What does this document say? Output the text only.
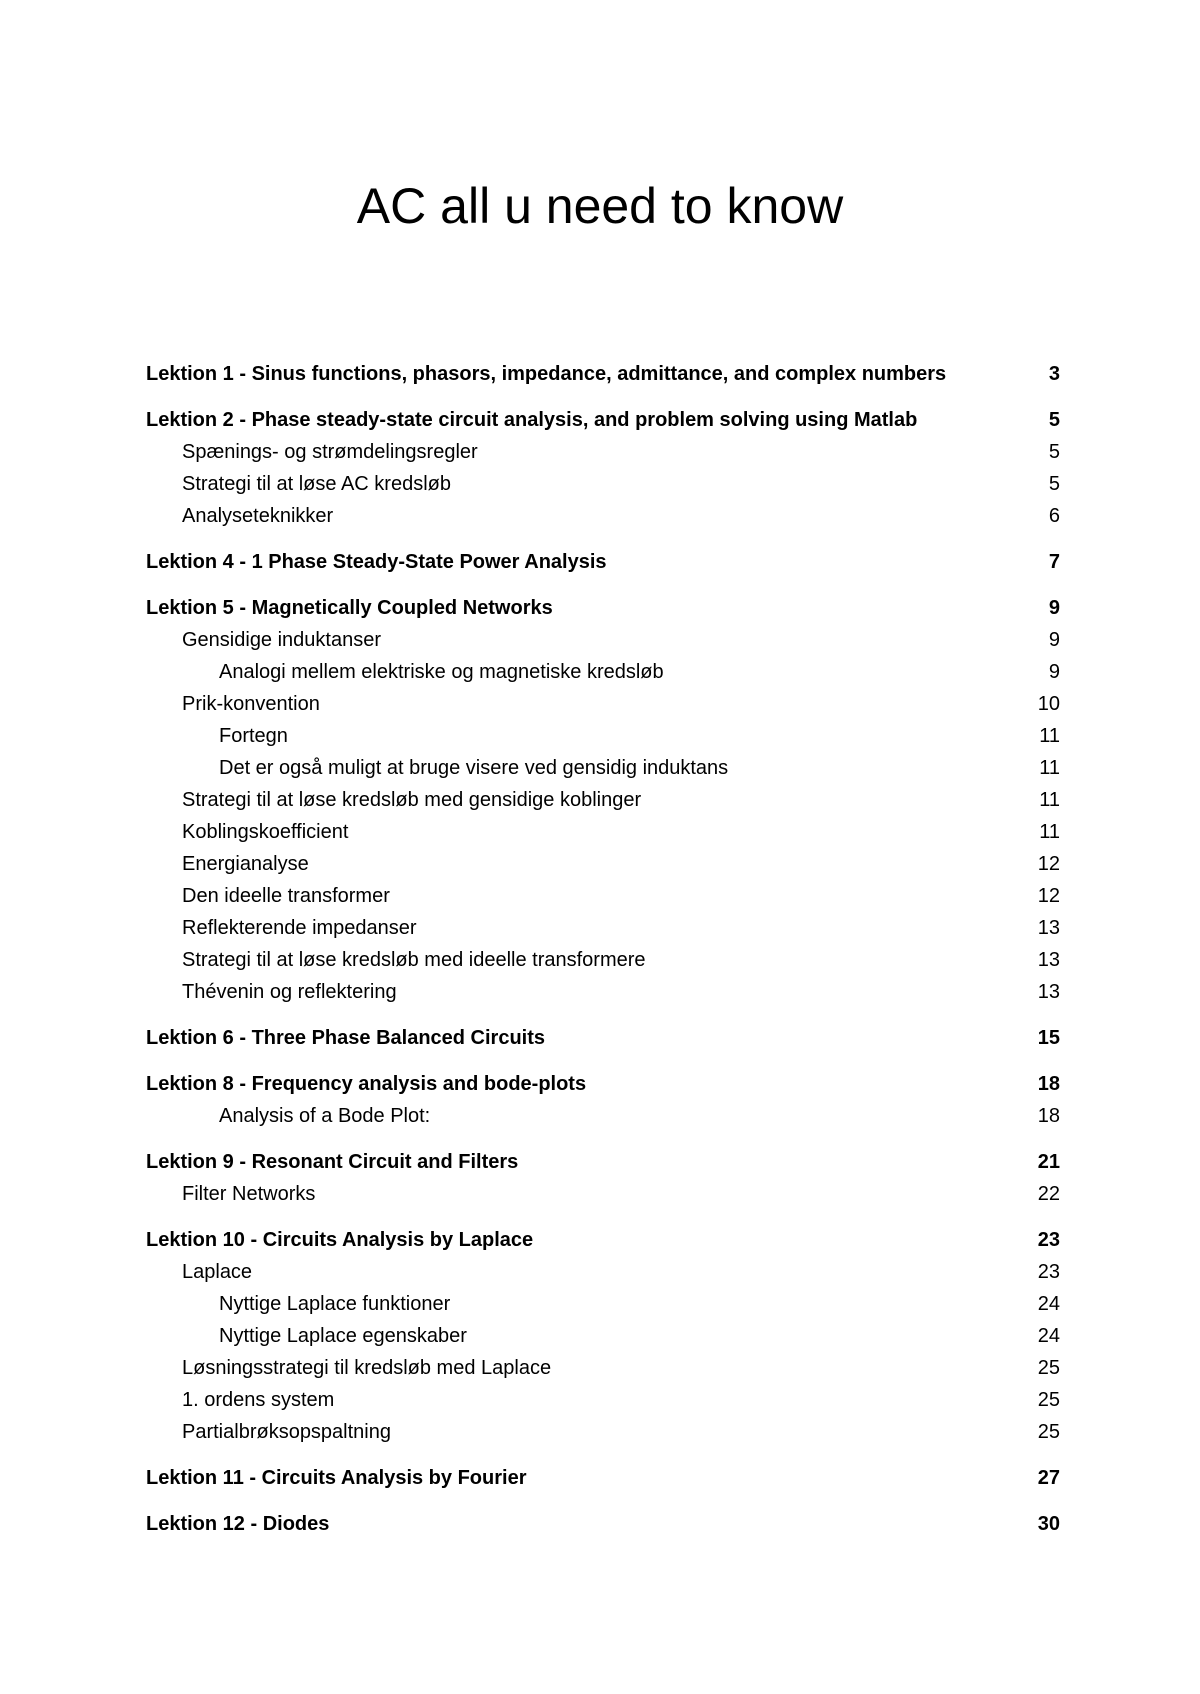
AC all u need to know
Lektion 1 - Sinus functions, phasors, impedance, admittance, and complex numbers	3
Lektion 2 - Phase steady-state circuit analysis, and problem solving using Matlab	5
Spænings- og strømdelingsregler	5
Strategi til at løse AC kredsløb	5
Analyseteknikker	6
Lektion 4 - 1 Phase Steady-State Power Analysis	7
Lektion 5 - Magnetically Coupled Networks	9
Gensidige induktanser	9
Analogi mellem elektriske og magnetiske kredsløb	9
Prik-konvention	10
Fortegn	11
Det er også muligt at bruge visere ved gensidig induktans	11
Strategi til at løse kredsløb med gensidige koblinger	11
Koblingskoefficient	11
Energianalyse	12
Den ideelle transformer	12
Reflekterende impedanser	13
Strategi til at løse kredsløb med ideelle transformere	13
Thévenin og reflektering	13
Lektion 6 - Three Phase Balanced Circuits	15
Lektion 8 - Frequency analysis and bode-plots	18
Analysis of a Bode Plot:	18
Lektion 9 - Resonant Circuit and Filters	21
Filter Networks	22
Lektion 10 - Circuits Analysis by Laplace	23
Laplace	23
Nyttige Laplace funktioner	24
Nyttige Laplace egenskaber	24
Løsningsstrategi til kredsløb med Laplace	25
1. ordens system	25
Partialbrøksopspaltning	25
Lektion 11 - Circuits Analysis by Fourier	27
Lektion 12 - Diodes	30
